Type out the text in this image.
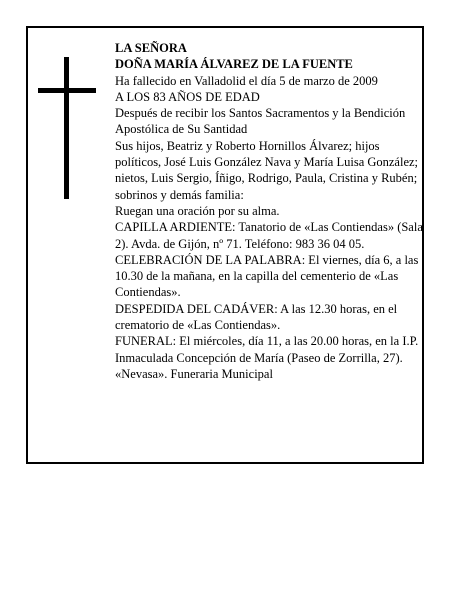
LA SEÑORA

DOÑA MARÍA ÁLVAREZ DE LA FUENTE

Ha fallecido en Valladolid el día 5 de marzo de 2009

A LOS 83 AÑOS DE EDAD

Después de recibir los Santos Sacramentos y la Bendición Apostólica de Su Santidad

Sus hijos, Beatriz y Roberto Hornillos Álvarez; hijos políticos, José Luis González Nava y María Luisa González; nietos, Luis Sergio, Íñigo, Rodrigo, Paula, Cristina y Rubén; sobrinos y demás familia:

Ruegan una oración por su alma.

CAPILLA ARDIENTE: Tanatorio de «Las Contiendas» (Sala 2). Avda. de Gijón, nº 71. Teléfono: 983 36 04 05.

CELEBRACIÓN DE LA PALABRA: El viernes, día 6, a las 10.30 de la mañana, en la capilla del cementerio de «Las Contiendas».

DESPEDIDA DEL CADÁVER: A las 12.30 horas, en el crematorio de «Las Contiendas».

FUNERAL: El miércoles, día 11, a las 20.00 horas, en la I.P. Inmaculada Concepción de María (Paseo de Zorrilla, 27).

«Nevasa». Funeraria Municipal
